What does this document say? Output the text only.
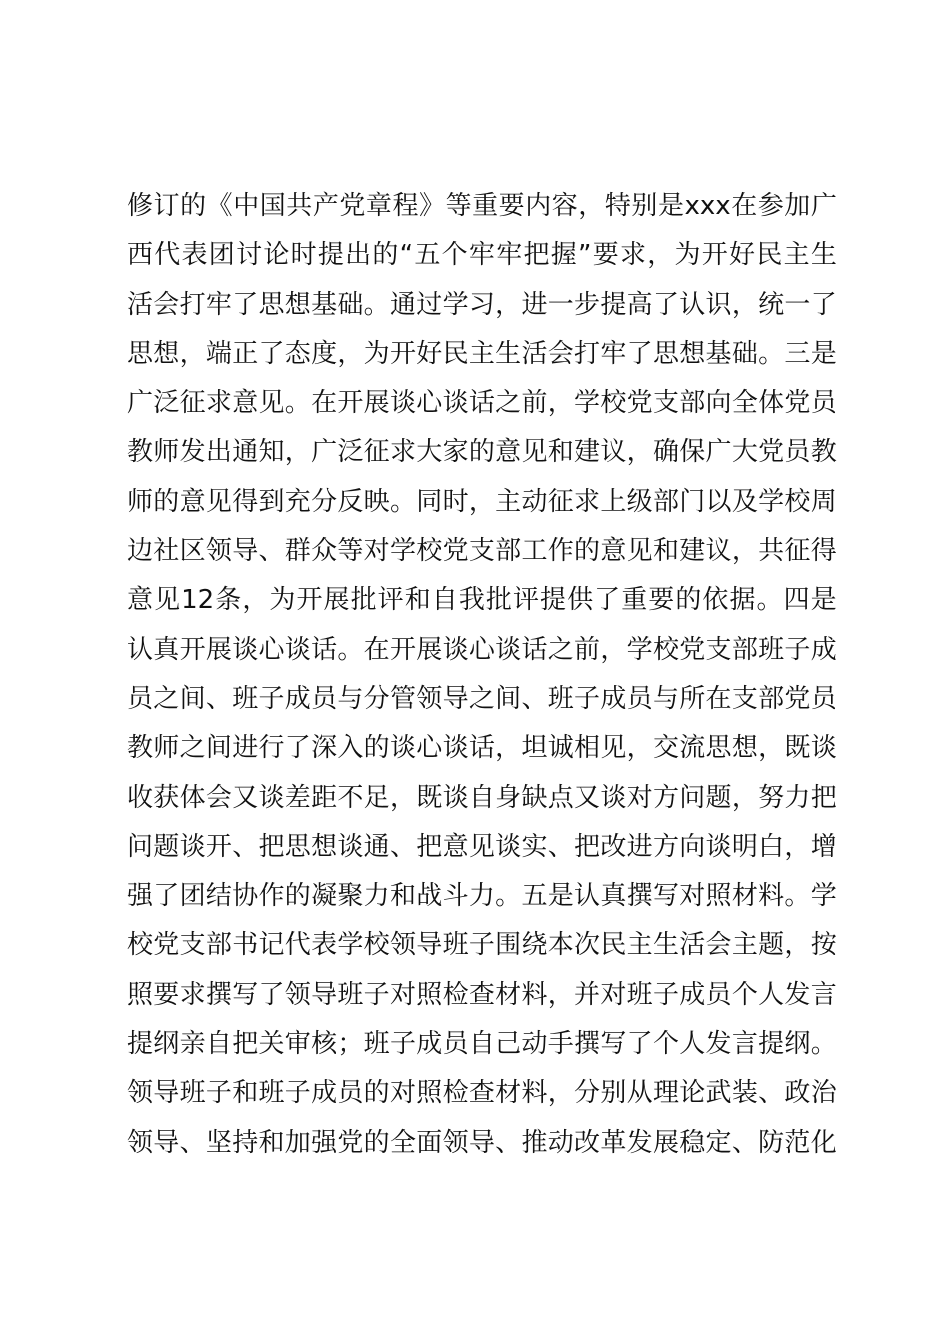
修 订 的 《 中 国 共 产 党 章 程 》 等 重 要 内 容 ， 特 别 是 xxx 在 参 加 广
西 代 表 团 讨 论 时 提 出 的 “ 五 个 牢 牢 把 握 ” 要 求 ， 为 开 好 民 主 生
活 会 打 牢 了 思 想 基 础 。 通 过 学 习 ， 进 一 步 提 高 了 认 识 ， 统 一 了
思 想 ， 端 正 了 态 度 ， 为 开 好 民 主 生 活 会 打 牢 了 思 想 基 础 。 三 是
广 泛 征 求 意 见 。 在 开 展 谈 心 谈 话 之 前 ， 学 校 党 支 部 向 全 体 党 员
教 师 发 出 通 知 ， 广 泛 征 求 大 家 的 意 见 和 建 议 ， 确 保 广 大 党 员 教
师 的 意 见 得 到 充 分 反 映 。 同 时 ， 主 动 征 求 上 级 部 门 以 及 学 校 周
边 社 区 领 导 、 群 众 等 对 学 校 党 支 部 工 作 的 意 见 和 建 议 ， 共 征 得
意 见 12 条 ， 为 开 展 批 评 和 自 我 批 评 提 供 了 重 要 的 依 据 。 四 是
认 真 开 展 谈 心 谈 话 。 在 开 展 谈 心 谈 话 之 前 ， 学 校 党 支 部 班 子 成
员 之 间 、 班 子 成 员 与 分 管 领 导 之 间 、 班 子 成 员 与 所 在 支 部 党 员
教 师 之 间 进 行 了 深 入 的 谈 心 谈 话 ， 坦 诚 相 见 ， 交 流 思 想 ， 既 谈
收 获 体 会 又 谈 差 距 不 足 ， 既 谈 自 身 缺 点 又 谈 对 方 问 题 ， 努 力 把
问 题 谈 开 、 把 思 想 谈 通 、 把 意 见 谈 实 、 把 改 进 方 向 谈 明 白 ， 增
强 了 团 结 协 作 的 凝 聚 力 和 战 斗 力 。 五 是 认 真 撰 写 对 照 材 料 。 学
校 党 支 部 书 记 代 表 学 校 领 导 班 子 围 绕 本 次 民 主 生 活 会 主 题 ， 按
照 要 求 撰 写 了 领 导 班 子 对 照 检 查 材 料 ， 并 对 班 子 成 员 个 人 发 言
提 纲 亲 自 把 关 审 核 ； 班 子 成 员 自 己 动 手 撰 写 了 个 人 发 言 提 纲 。
领 导 班 子 和 班 子 成 员 的 对 照 检 查 材 料 ， 分 别 从 理 论 武 装 、 政 治
领 导 、 坚 持 和 加 强 党 的 全 面 领 导 、 推 动 改 革 发 展 稳 定 、 防 范 化
